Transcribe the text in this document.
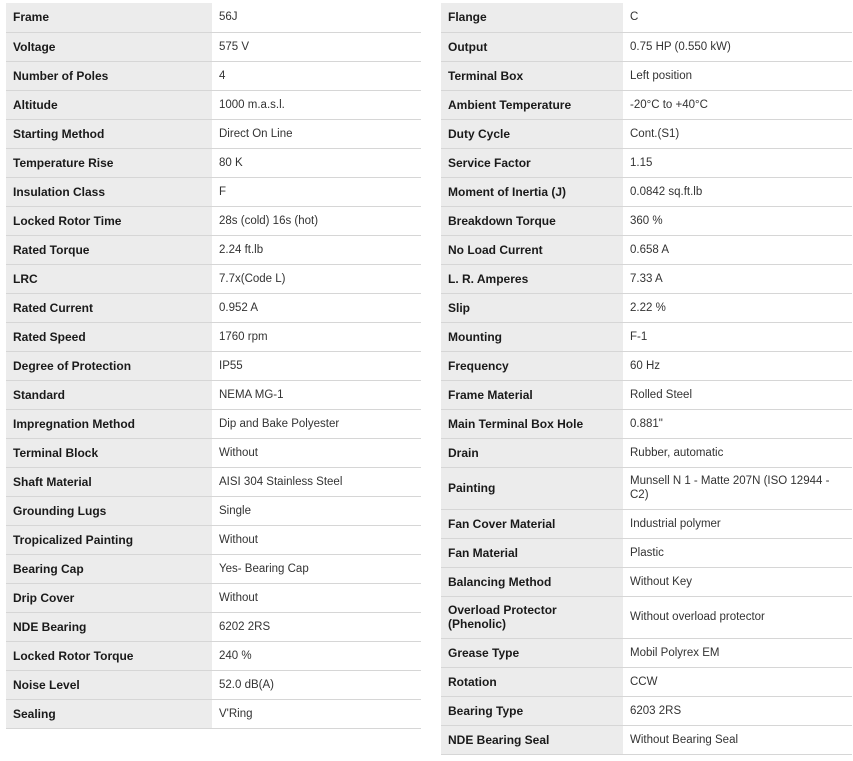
Frame	56J
Voltage	575 V
Number of Poles	4
Altitude	1000 m.a.s.l.
Starting Method	Direct On Line
Temperature Rise	80 K
Insulation Class	F
Locked Rotor Time	28s (cold) 16s (hot)
Rated Torque	2.24 ft.lb
LRC	7.7x(Code L)
Rated Current	0.952 A
Rated Speed	1760 rpm
Degree of Protection	IP55
Standard	NEMA MG-1
Impregnation Method	Dip and Bake Polyester
Terminal Block	Without
Shaft Material	AISI 304 Stainless Steel
Grounding Lugs	Single
Tropicalized Painting	Without
Bearing Cap	Yes- Bearing Cap
Drip Cover	Without
NDE Bearing	6202 2RS
Locked Rotor Torque	240 %
Noise Level	52.0 dB(A)
Sealing	V'Ring
Flange	C
Output	0.75 HP (0.550 kW)
Terminal Box	Left position
Ambient Temperature	-20°C to +40°C
Duty Cycle	Cont.(S1)
Service Factor	1.15
Moment of Inertia (J)	0.0842 sq.ft.lb
Breakdown Torque	360 %
No Load Current	0.658 A
L. R. Amperes	7.33 A
Slip	2.22 %
Mounting	F-1
Frequency	60 Hz
Frame Material	Rolled Steel
Main Terminal Box Hole	0.881"
Drain	Rubber, automatic
Painting	Munsell N 1 - Matte 207N (ISO 12944 - C2)
Fan Cover Material	Industrial polymer
Fan Material	Plastic
Balancing Method	Without Key
Overload Protector (Phenolic)	Without overload protector
Grease Type	Mobil Polyrex EM
Rotation	CCW
Bearing Type	6203 2RS
NDE Bearing Seal	Without Bearing Seal
